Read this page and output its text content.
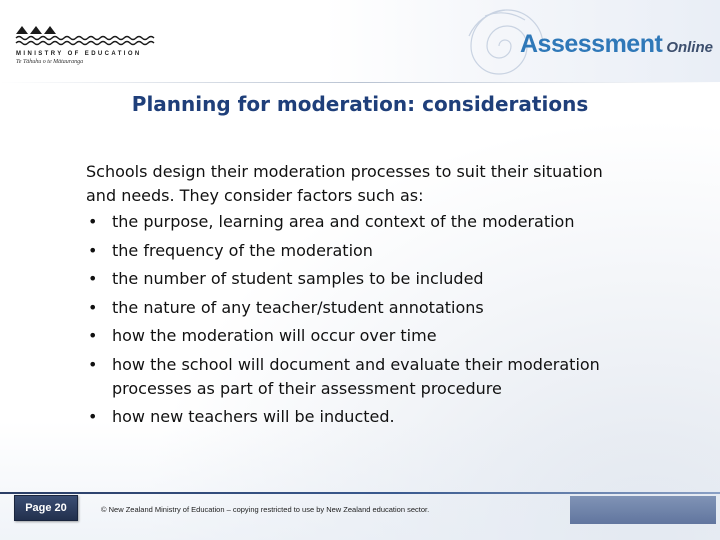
MINISTRY OF EDUCATION
Te Tāhuhu o te Mātauranga
Assessment Online
Planning for moderation: considerations

Schools design their moderation processes to suit their situation and needs. They consider factors such as:

• the purpose, learning area and context of the moderation
• the frequency of the moderation
• the number of student samples to be included
• the nature of any teacher/student annotations
• how the moderation will occur over time
• how the school will document and evaluate their moderation processes as part of their assessment procedure
• how new teachers will be inducted.
Page 20	© New Zealand Ministry of Education – copying restricted to use by New Zealand education sector.
